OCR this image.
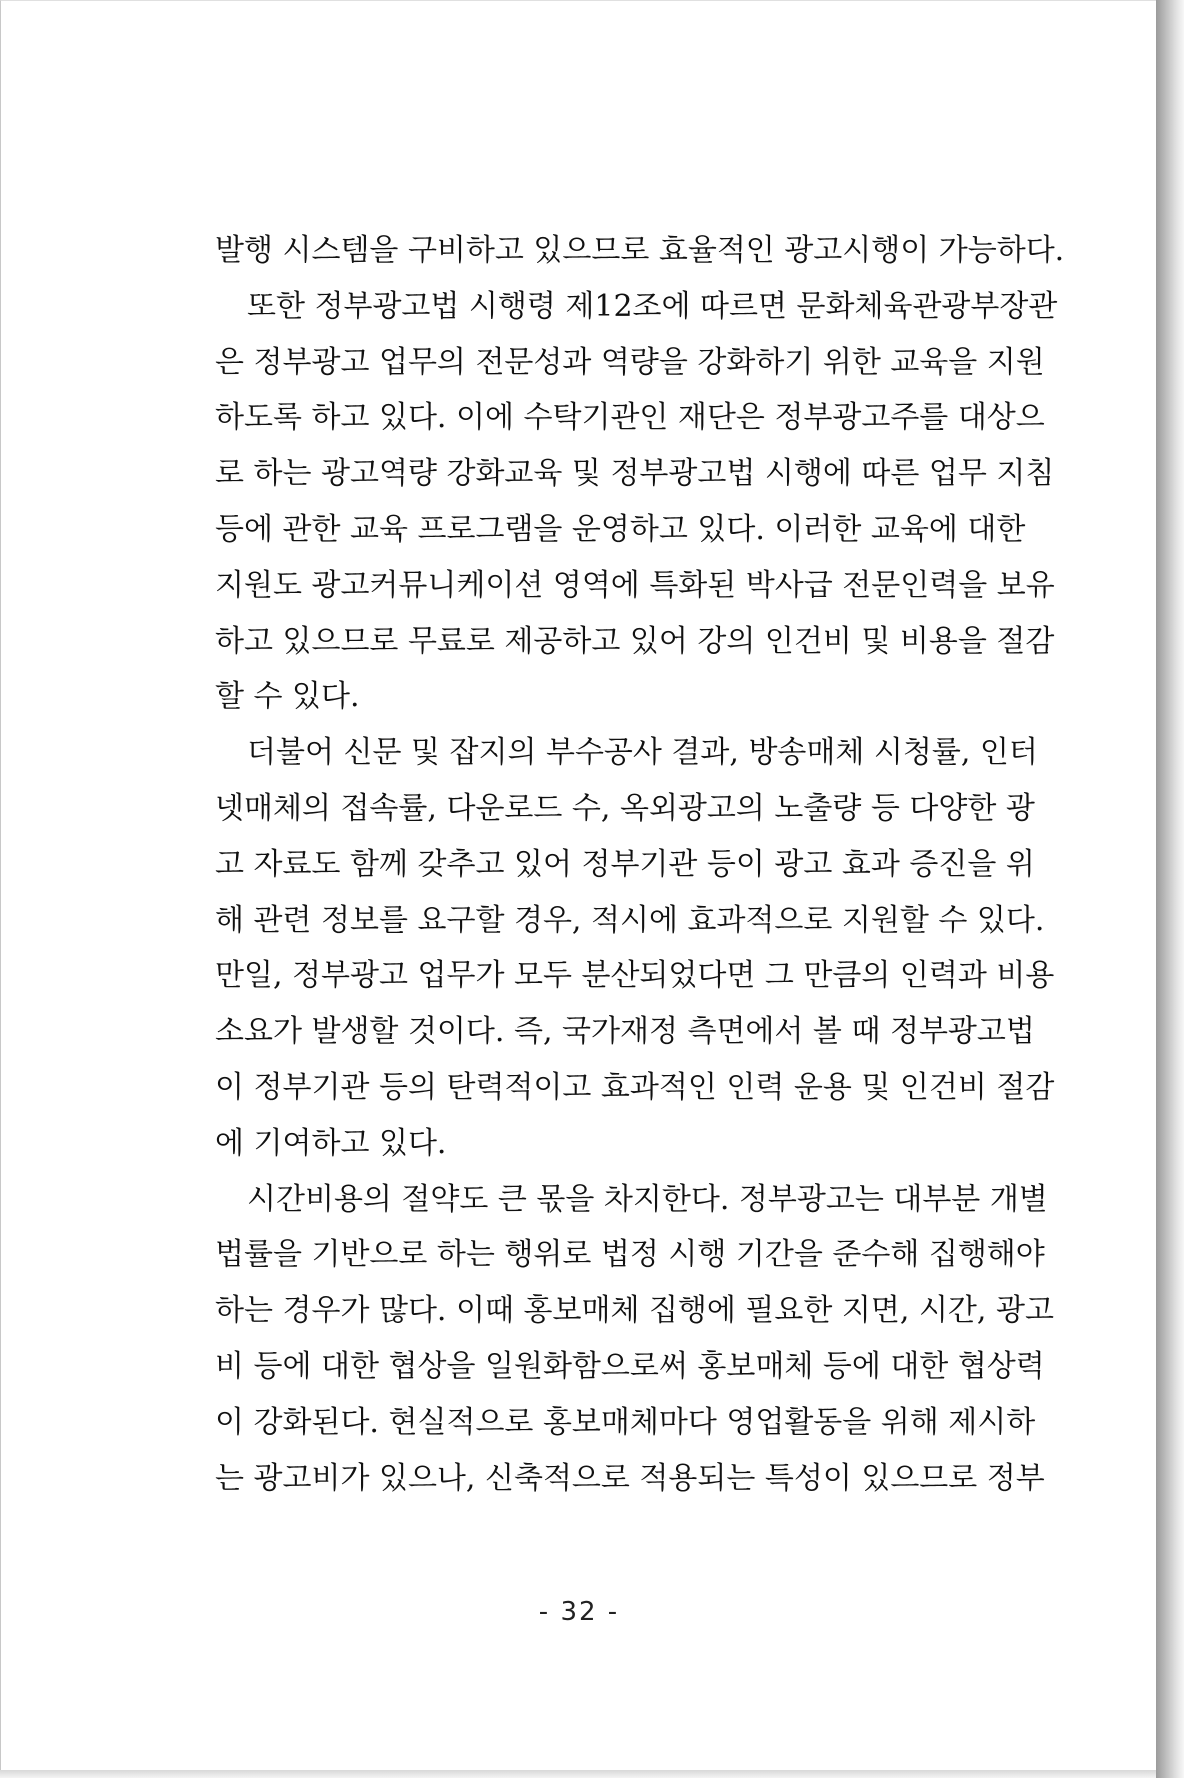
발행 시스템을 구비하고 있으므로 효율적인 광고시행이 가능하다.
또한 정부광고법 시행령 제12조에 따르면 문화체육관광부장관
은 정부광고 업무의 전문성과 역량을 강화하기 위한 교육을 지원
하도록 하고 있다. 이에 수탁기관인 재단은 정부광고주를 대상으
로 하는 광고역량 강화교육 및 정부광고법 시행에 따른 업무 지침
등에 관한 교육 프로그램을 운영하고 있다. 이러한 교육에 대한
지원도 광고커뮤니케이션 영역에 특화된 박사급 전문인력을 보유
하고 있으므로 무료로 제공하고 있어 강의 인건비 및 비용을 절감
할 수 있다.
더불어 신문 및 잡지의 부수공사 결과, 방송매체 시청률, 인터
넷매체의 접속률, 다운로드 수, 옥외광고의 노출량 등 다양한 광
고 자료도 함께 갖추고 있어 정부기관 등이 광고 효과 증진을 위
해 관련 정보를 요구할 경우, 적시에 효과적으로 지원할 수 있다.
만일, 정부광고 업무가 모두 분산되었다면 그 만큼의 인력과 비용
소요가 발생할 것이다. 즉, 국가재정 측면에서 볼 때 정부광고법
이 정부기관 등의 탄력적이고 효과적인 인력 운용 및 인건비 절감
에 기여하고 있다.
시간비용의 절약도 큰 몫을 차지한다. 정부광고는 대부분 개별
법률을 기반으로 하는 행위로 법정 시행 기간을 준수해 집행해야
하는 경우가 많다. 이때 홍보매체 집행에 필요한 지면, 시간, 광고
비 등에 대한 협상을 일원화함으로써 홍보매체 등에 대한 협상력
이 강화된다. 현실적으로 홍보매체마다 영업활동을 위해 제시하
는 광고비가 있으나, 신축적으로 적용되는 특성이 있으므로 정부
- 32 -
